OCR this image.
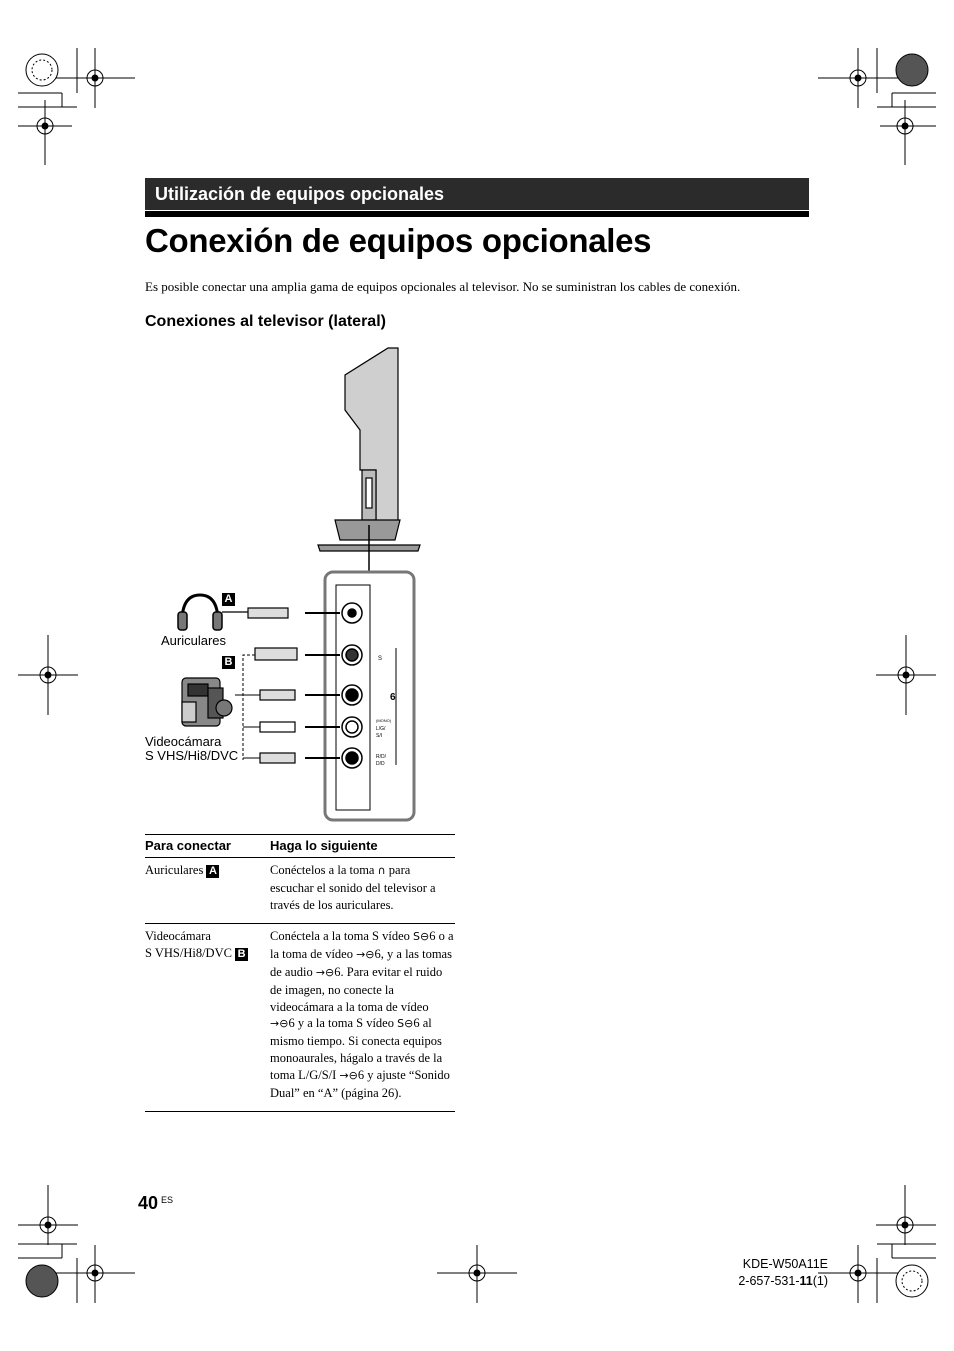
Utilización de equipos opcionales
Conexión de equipos opcionales

Es posible conectar una amplia gama de equipos opcionales al televisor. No se suministran los cables de conexión.

Conexiones al televisor (lateral)
6
S
(MONO)
L/G/
S/I
R/D/
D/D
A
B
Auriculares
Videocámara
S VHS/Hi8/DVC
Para conectar	Haga lo siguiente
Auriculares A	Conéctelos a la toma ∩ para escuchar el sonido del televisor a través de los auriculares.
Videocámara
S VHS/Hi8/DVC B	Conéctela a la toma S vídeo S⊖6 o a la toma de vídeo →⊖6, y a las tomas de audio →⊖6. Para evitar el ruido de imagen, no conecte la videocámara a la toma de vídeo →⊖6 y a la toma S vídeo S⊖6 al mismo tiempo. Si conecta equipos monoaurales, hágalo a través de la toma L/G/S/I →⊖6 y ajuste “Sonido Dual” en “A” (página 26).
40 $^{ES}$
KDE-W50A11E
2-657-531-11(1)
